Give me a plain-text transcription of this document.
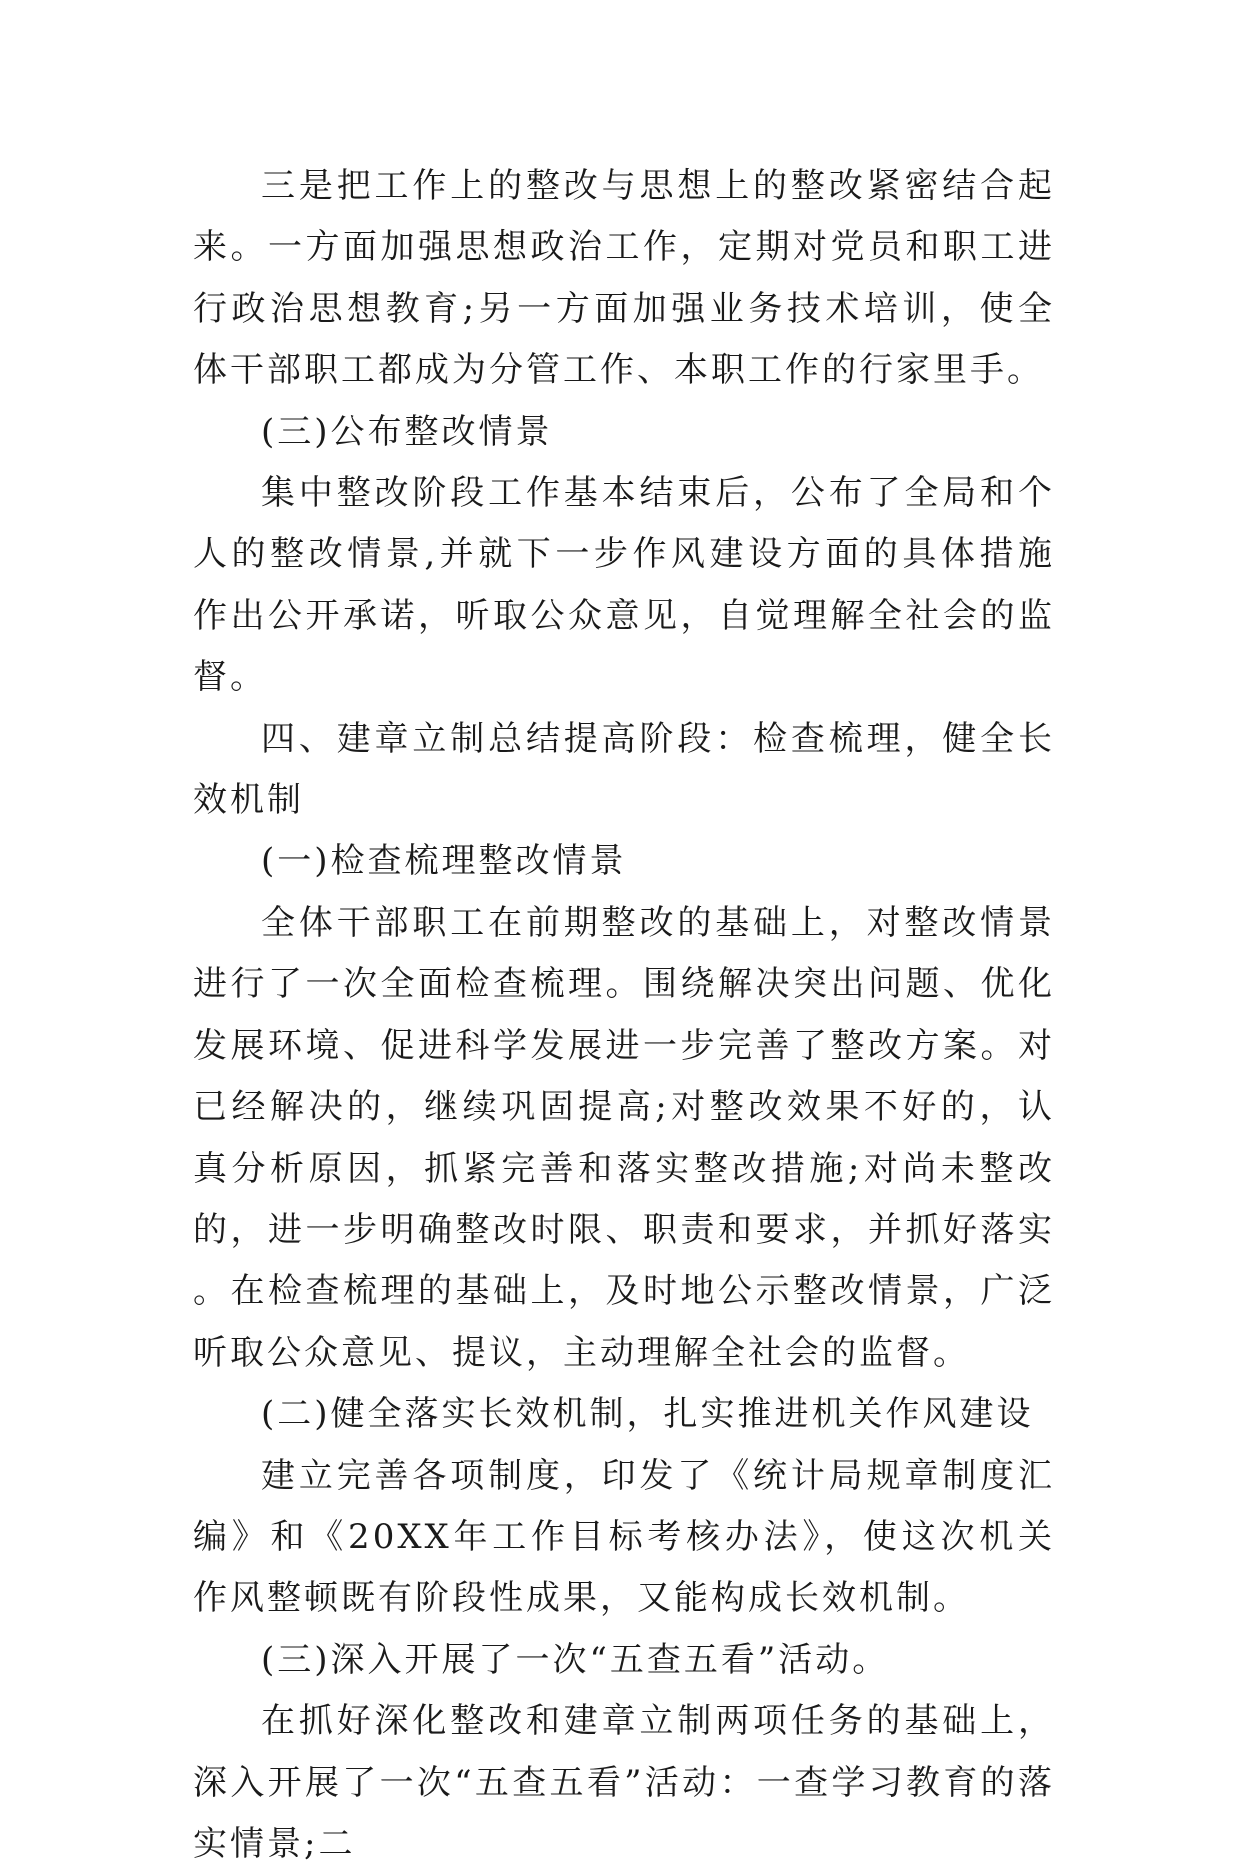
三是把工作上的整改与思想上的整改紧密结合起来。一方面加强思想政治工作，定期对党员和职工进行政治思想教育;另一方面加强业务技术培训，使全体干部职工都成为分管工作、本职工作的行家里手。

(三)公布整改情景

集中整改阶段工作基本结束后，公布了全局和个人的整改情景,并就下一步作风建设方面的具体措施作出公开承诺，听取公众意见，自觉理解全社会的监督。

四、建章立制总结提高阶段：检查梳理，健全长效机制

(一)检查梳理整改情景

全体干部职工在前期整改的基础上，对整改情景进行了一次全面检查梳理。围绕解决突出问题、优化发展环境、促进科学发展进一步完善了整改方案。对已经解决的，继续巩固提高;对整改效果不好的，认真分析原因，抓紧完善和落实整改措施;对尚未整改的，进一步明确整改时限、职责和要求，并抓好落实。在检查梳理的基础上，及时地公示整改情景，广泛听取公众意见、提议，主动理解全社会的监督。

(二)健全落实长效机制，扎实推进机关作风建设

建立完善各项制度，印发了《统计局规章制度汇编》和《20XX年工作目标考核办法》，使这次机关作风整顿既有阶段性成果，又能构成长效机制。

(三)深入开展了一次“五查五看”活动。

在抓好深化整改和建章立制两项任务的基础上，深入开展了一次“五查五看”活动：一查学习教育的落实情景;二
